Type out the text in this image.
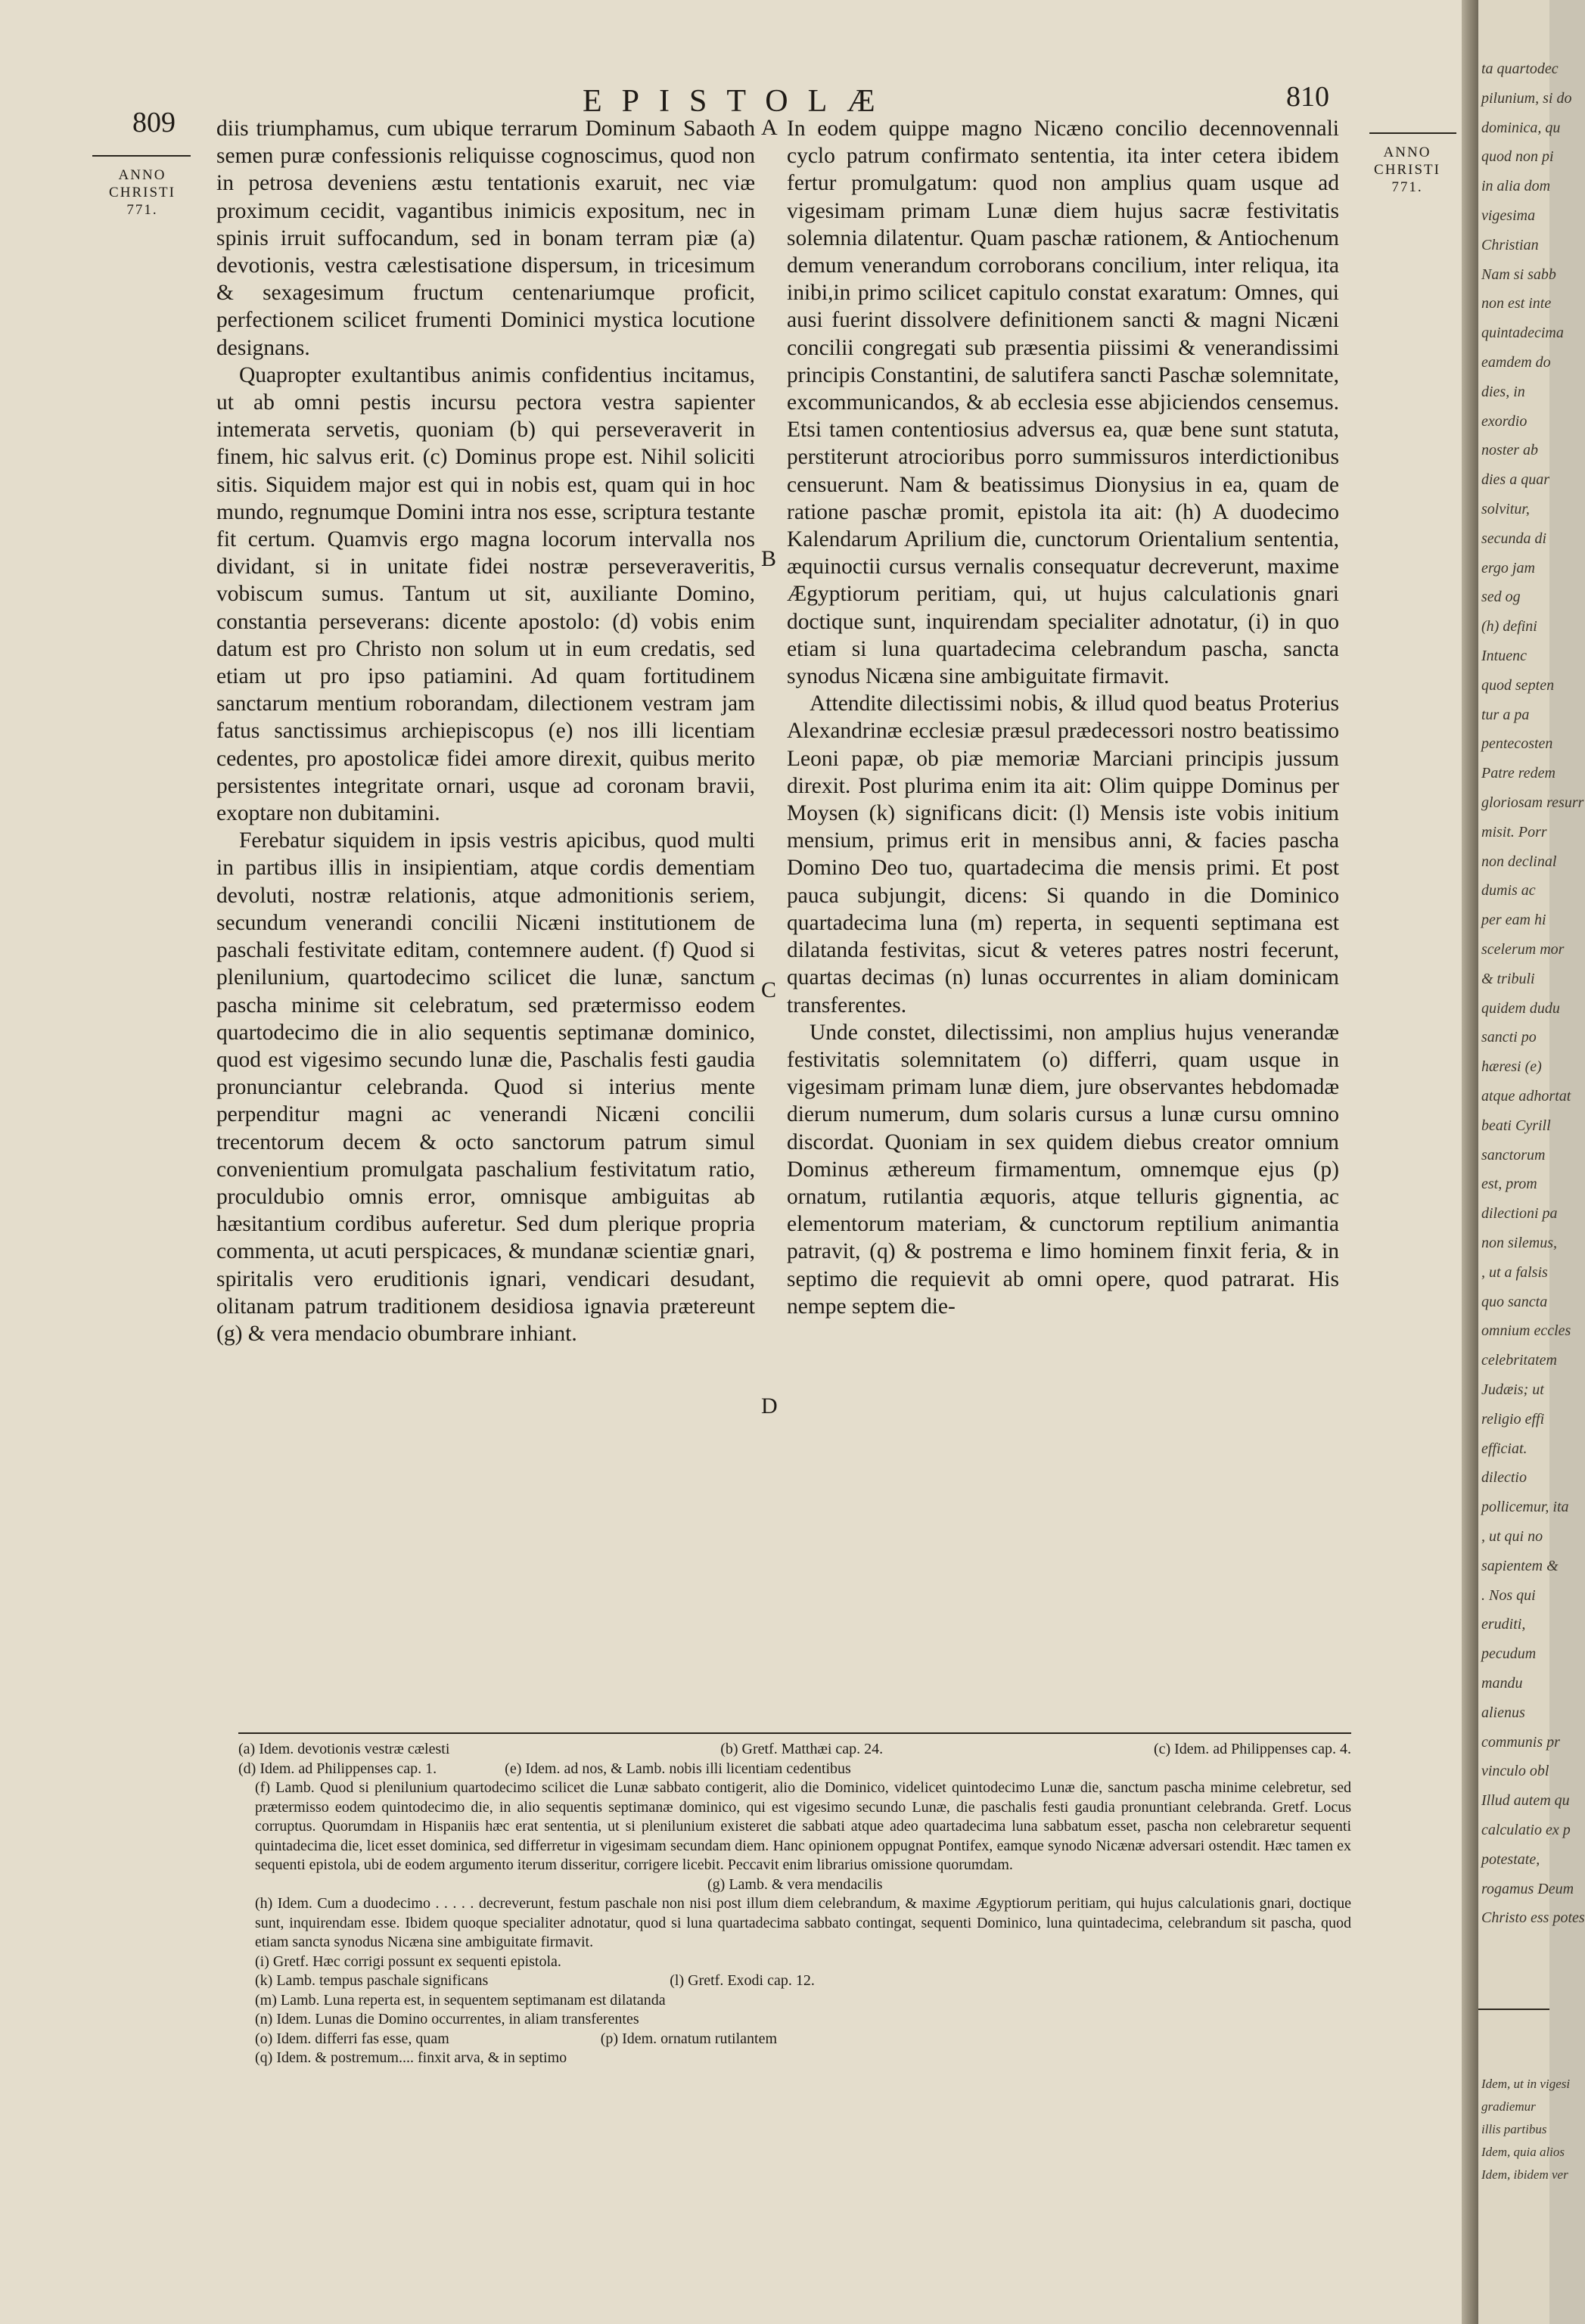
809
EPISTOLÆ	810
ANNO
CHRISTI
771.
ANNO
CHRISTI
771.
A
B
C
D

diis triumphamus, cum ubique terrarum Dominum Sabaoth semen puræ confessionis reliquisse cognoscimus, quod non in petrosa deveniens æstu tentationis exaruit, nec viæ proximum cecidit, vagantibus inimicis expositum, nec in spinis irruit suffocandum, sed in bonam terram piæ (a) devotionis, vestra cælestisatione dispersum, in tricesimum & sexagesimum fructum centenariumque proficit, perfectionem scilicet frumenti Dominici mystica locutione designans.

Quapropter exultantibus animis confidentius incitamus, ut ab omni pestis incursu pectora vestra sapienter intemerata servetis, quoniam (b) qui perseveraverit in finem, hic salvus erit. (c) Dominus prope est. Nihil soliciti sitis. Siquidem major est qui in nobis est, quam qui in hoc mundo, regnumque Domini intra nos esse, scriptura testante fit certum. Quamvis ergo magna locorum intervalla nos dividant, si in unitate fidei nostræ perseveraveritis, vobiscum sumus. Tantum ut sit, auxiliante Domino, constantia perseverans: dicente apostolo: (d) vobis enim datum est pro Christo non solum ut in eum credatis, sed etiam ut pro ipso patiamini. Ad quam fortitudinem sanctarum mentium roborandam, dilectionem vestram jam fatus sanctissimus archiepiscopus (e) nos illi licentiam cedentes, pro apostolicæ fidei amore direxit, quibus merito persistentes integritate ornari, usque ad coronam bravii, exoptare non dubitamini.

Ferebatur siquidem in ipsis vestris apicibus, quod multi in partibus illis in insipientiam, atque cordis dementiam devoluti, nostræ relationis, atque admonitionis seriem, secundum venerandi concilii Nicæni institutionem de paschali festivitate editam, contemnere audent. (f) Quod si plenilunium, quartodecimo scilicet die lunæ, sanctum pascha minime sit celebratum, sed prætermisso eodem quartodecimo die in alio sequentis septimanæ dominico, quod est vigesimo secundo lunæ die, Paschalis festi gaudia pronunciantur celebranda. Quod si interius mente perpenditur magni ac venerandi Nicæni concilii trecentorum decem & octo sanctorum patrum simul convenientium promulgata paschalium festivitatum ratio, proculdubio omnis error, omnisque ambiguitas ab hæsitantium cordibus auferetur. Sed dum plerique propria commenta, ut acuti perspicaces, & mundanæ scientiæ gnari, spiritalis vero eruditionis ignari, vendicari desudant, olitanam patrum traditionem desidiosa ignavia prætereunt (g) & vera mendacio obumbrare inhiant.

In eodem quippe magno Nicæno concilio decennovennali cyclo patrum confirmato sententia, ita inter cetera ibidem fertur promulgatum: quod non amplius quam usque ad vigesimam primam Lunæ diem hujus sacræ festivitatis solemnia dilatentur. Quam paschæ rationem, & Antiochenum demum venerandum corroborans concilium, inter reliqua, ita inibi,in primo scilicet capitulo constat exaratum: Omnes, qui ausi fuerint dissolvere definitionem sancti & magni Nicæni concilii congregati sub præsentia piissimi & venerandissimi principis Constantini, de salutifera sancti Paschæ solemnitate, excommunicandos, & ab ecclesia esse abjiciendos censemus. Etsi tamen contentiosius adversus ea, quæ bene sunt statuta, perstiterunt atrocioribus porro summissuros interdictionibus censuerunt. Nam & beatissimus Dionysius in ea, quam de ratione paschæ promit, epistola ita ait: (h) A duodecimo Kalendarum Aprilium die, cunctorum Orientalium sententia, æquinoctii cursus vernalis consequatur decreverunt, maxime Ægyptiorum peritiam, qui, ut hujus calculationis gnari doctique sunt, inquirendam specialiter adnotatur, (i) in quo etiam si luna quartadecima celebrandum pascha, sancta synodus Nicæna sine ambiguitate firmavit.

Attendite dilectissimi nobis, & illud quod beatus Proterius Alexandrinæ ecclesiæ præsul prædecessori nostro beatissimo Leoni papæ, ob piæ memoriæ Marciani principis jussum direxit. Post plurima enim ita ait: Olim quippe Dominus per Moysen (k) significans dicit: (l) Mensis iste vobis initium mensium, primus erit in mensibus anni, & facies pascha Domino Deo tuo, quartadecima die mensis primi. Et post pauca subjungit, dicens: Si quando in die Dominico quartadecima luna (m) reperta, in sequenti septimana est dilatanda festivitas, sicut & veteres patres nostri fecerunt, quartas decimas (n) lunas occurrentes in aliam dominicam transferentes.

Unde constet, dilectissimi, non amplius hujus venerandæ festivitatis solemnitatem (o) differri, quam usque in vigesimam primam lunæ diem, jure observantes hebdomadæ dierum numerum, dum solaris cursus a lunæ cursu omnino discordat. Quoniam in sex quidem diebus creator omnium Dominus æthereum firmamentum, omnemque ejus (p) ornatum, rutilantia æquoris, atque telluris gignentia, ac elementorum materiam, & cunctorum reptilium animantia patravit, (q) & postrema e limo hominem finxit feria, & in septimo die requievit ab omni opere, quod patrarat. His nempe septem die-

(a) Idem. devotionis vestræ cælesti	(b) Gretf. Matthæi cap. 24.	(c) Idem. ad Philippenses cap. 4.
(d) Idem. ad Philippenses cap. 1.	(e) Idem. ad nos, & Lamb. nobis illi licentiam cedentibus

(f) Lamb. Quod si plenilunium quartodecimo scilicet die Lunæ sabbato contigerit, alio die Dominico, videlicet quintodecimo Lunæ die, sanctum pascha minime celebretur, sed prætermisso eodem quintodecimo die, in alio sequentis septimanæ dominico, qui est vigesimo secundo Lunæ, die paschalis festi gaudia pronuntiant celebranda. Gretf. Locus corruptus. Quorumdam in Hispaniis hæc erat sententia, ut si plenilunium existeret die sabbati atque adeo quartadecima luna sabbatum esset, pascha non celebraretur sequenti quintadecima die, licet esset dominica, sed differretur in vigesimam secundam diem. Hanc opinionem oppugnat Pontifex, eamque synodo Nicænæ adversari ostendit. Hæc tamen ex sequenti epistola, ubi de eodem argumento iterum disseritur, corrigere licebit. Peccavit enim librarius omissione quorumdam.

(g) Lamb. & vera mendacilis

(h) Idem. Cum a duodecimo . . . . . decreverunt, festum paschale non nisi post illum diem celebrandum, & maxime Ægyptiorum peritiam, qui hujus calculationis gnari, doctique sunt, inquirendam esse. Ibidem quoque specialiter adnotatur, quod si luna quartadecima sabbato contingat, sequenti Dominico, luna quintadecima, celebrandum sit pascha, quod etiam sancta synodus Nicæna sine ambiguitate firmavit.

(i) Gretf. Hæc corrigi possunt ex sequenti epistola.

(k) Lamb. tempus paschale significans	(l) Gretf. Exodi cap. 12.

(m) Lamb. Luna reperta est, in sequentem septimanam est dilatanda

(n) Idem. Lunas die Domino occurrentes, in aliam transferentes

(o) Idem. differri fas esse, quam	(p) Idem. ornatum rutilantem

(q) Idem. & postremum.... finxit arva, & in septimo

ta quartodec
pilunium, si do
dominica, qu
quod non pi
in alia dom
vigesima
Christian
Nam si sabb
non est inte
quintadecima
eamdem do
dies, in
exordio
noster ab
dies a quar
solvitur,
secunda di
ergo jam
sed og
(h) defini
Intuenc
quod septen
tur a pa
pentecosten
Patre redem
gloriosam resurr
misit. Porr
non declinal
dumis ac
per eam hi
scelerum mor
& tribuli
quidem dudu
sancti po
hæresi (e)
atque adhortat
beati Cyrill
sanctorum
est, prom
dilectioni pa
non silemus,
, ut a falsis
quo sancta
omnium eccles
celebritatem
Judæis; ut
religio effi
efficiat.
dilectio
pollicemur, ita
, ut qui no
sapientem &
. Nos qui
eruditi,
pecudum
mandu
alienus
communis pr
vinculo obl
Illud autem qu
calculatio ex p
potestate,
rogamus Deum
Christo ess potes
Idem, ut in vigesi
gradiemur
illis partibus
Idem, quia alios
Idem, ibidem ver
